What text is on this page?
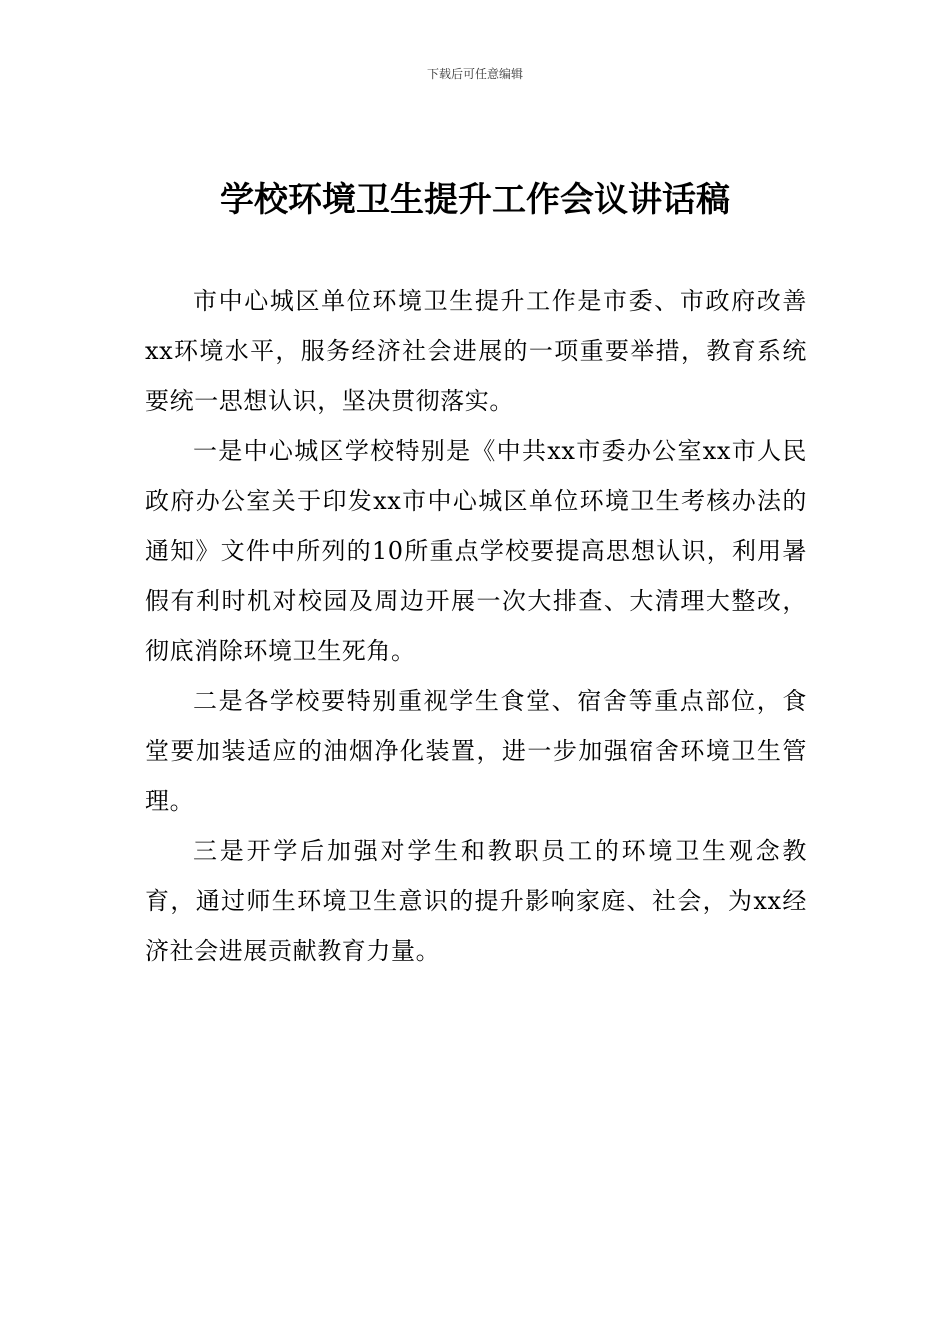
下载后可任意编辑
学校环境卫生提升工作会议讲话稿

市中心城区单位环境卫生提升工作是市委、市政府改善xx环境水平，服务经济社会进展的一项重要举措，教育系统要统一思想认识，坚决贯彻落实。

一是中心城区学校特别是《中共xx市委办公室xx市人民政府办公室关于印发xx市中心城区单位环境卫生考核办法的通知》文件中所列的10所重点学校要提高思想认识，利用暑假有利时机对校园及周边开展一次大排查、大清理大整改，彻底消除环境卫生死角。

二是各学校要特别重视学生食堂、宿舍等重点部位，食堂要加装适应的油烟净化装置，进一步加强宿舍环境卫生管理。

三是开学后加强对学生和教职员工的环境卫生观念教育，通过师生环境卫生意识的提升影响家庭、社会，为xx经济社会进展贡献教育力量。
